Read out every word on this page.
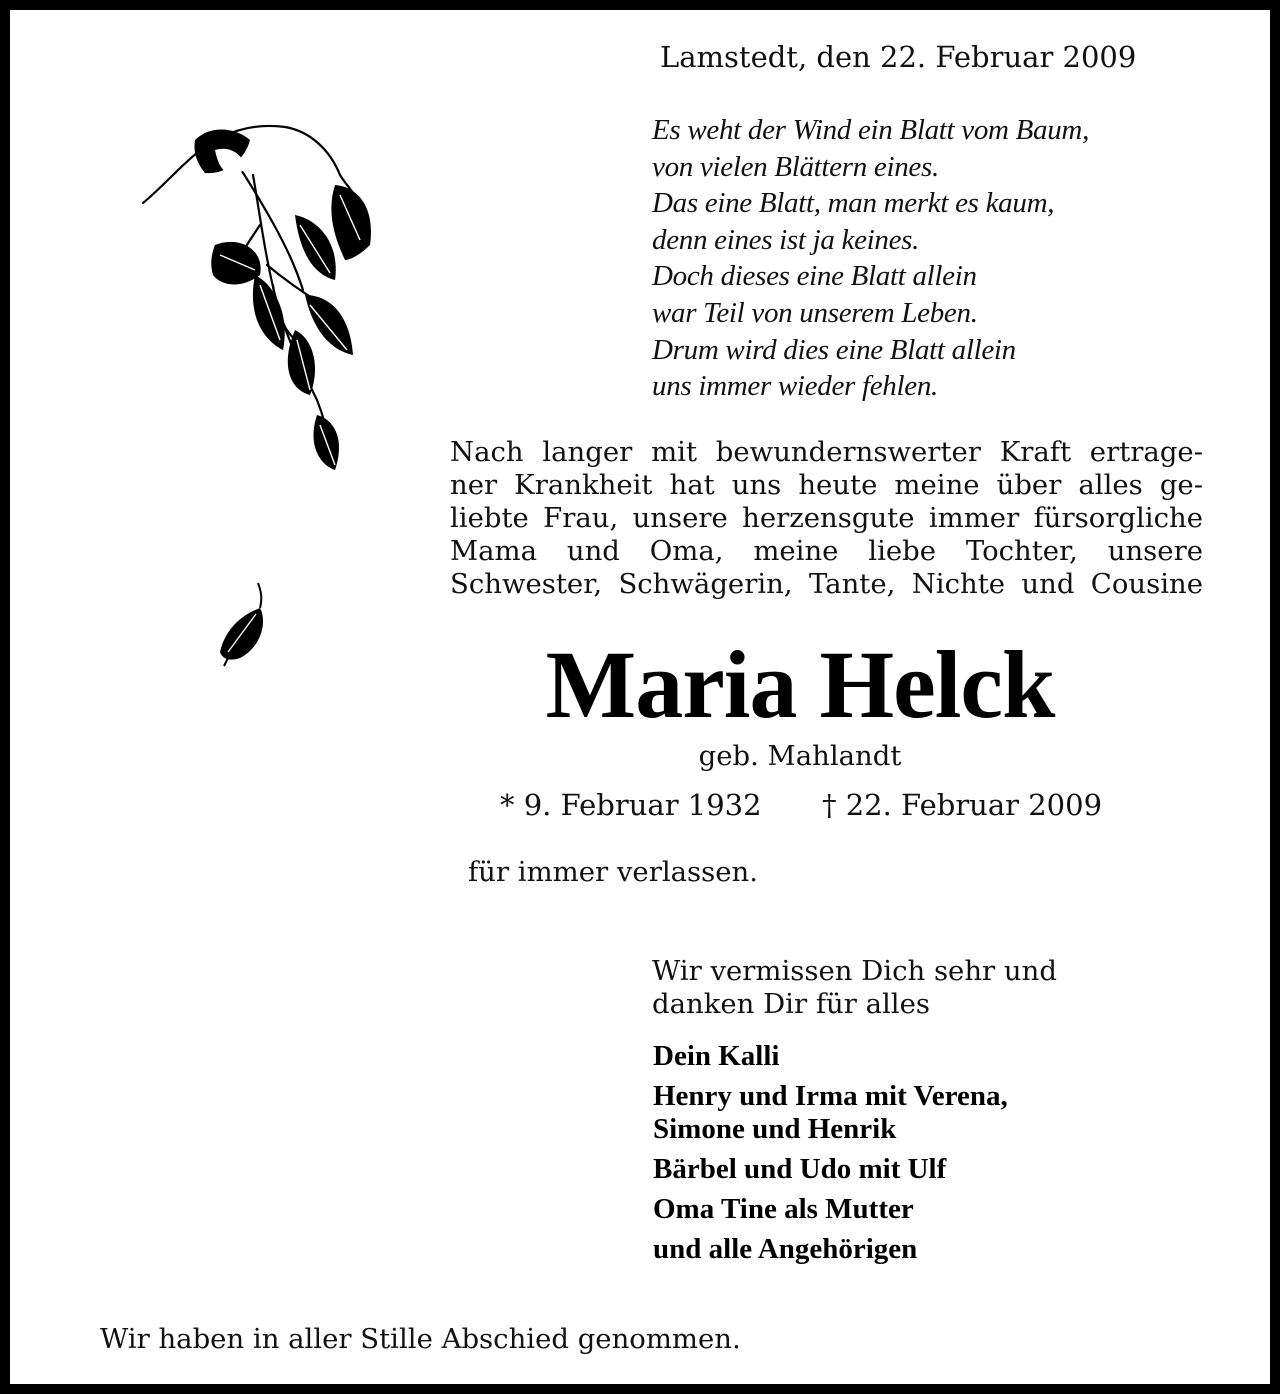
Lamstedt, den 22. Februar 2009
Es weht der Wind ein Blatt vom Baum,
von vielen Blättern eines.
Das eine Blatt, man merkt es kaum,
denn eines ist ja keines.
Doch dieses eine Blatt allein
war Teil von unserem Leben.
Drum wird dies eine Blatt allein
uns immer wieder fehlen.
Nach langer mit bewundernswerter Kraft ertrage-
ner Krankheit hat uns heute meine über alles ge-
liebte Frau, unsere herzensgute immer fürsorgliche
Mama und Oma, meine liebe Tochter, unsere
Schwester, Schwägerin, Tante, Nichte und Cousine
Maria Helck
geb. Mahlandt
* 9. Februar 1932 † 22. Februar 2009
für immer verlassen.
Wir vermissen Dich sehr und
danken Dir für alles
Dein Kalli
Henry und Irma mit Verena,
Simone und Henrik
Bärbel und Udo mit Ulf
Oma Tine als Mutter
und alle Angehörigen
Wir haben in aller Stille Abschied genommen.
